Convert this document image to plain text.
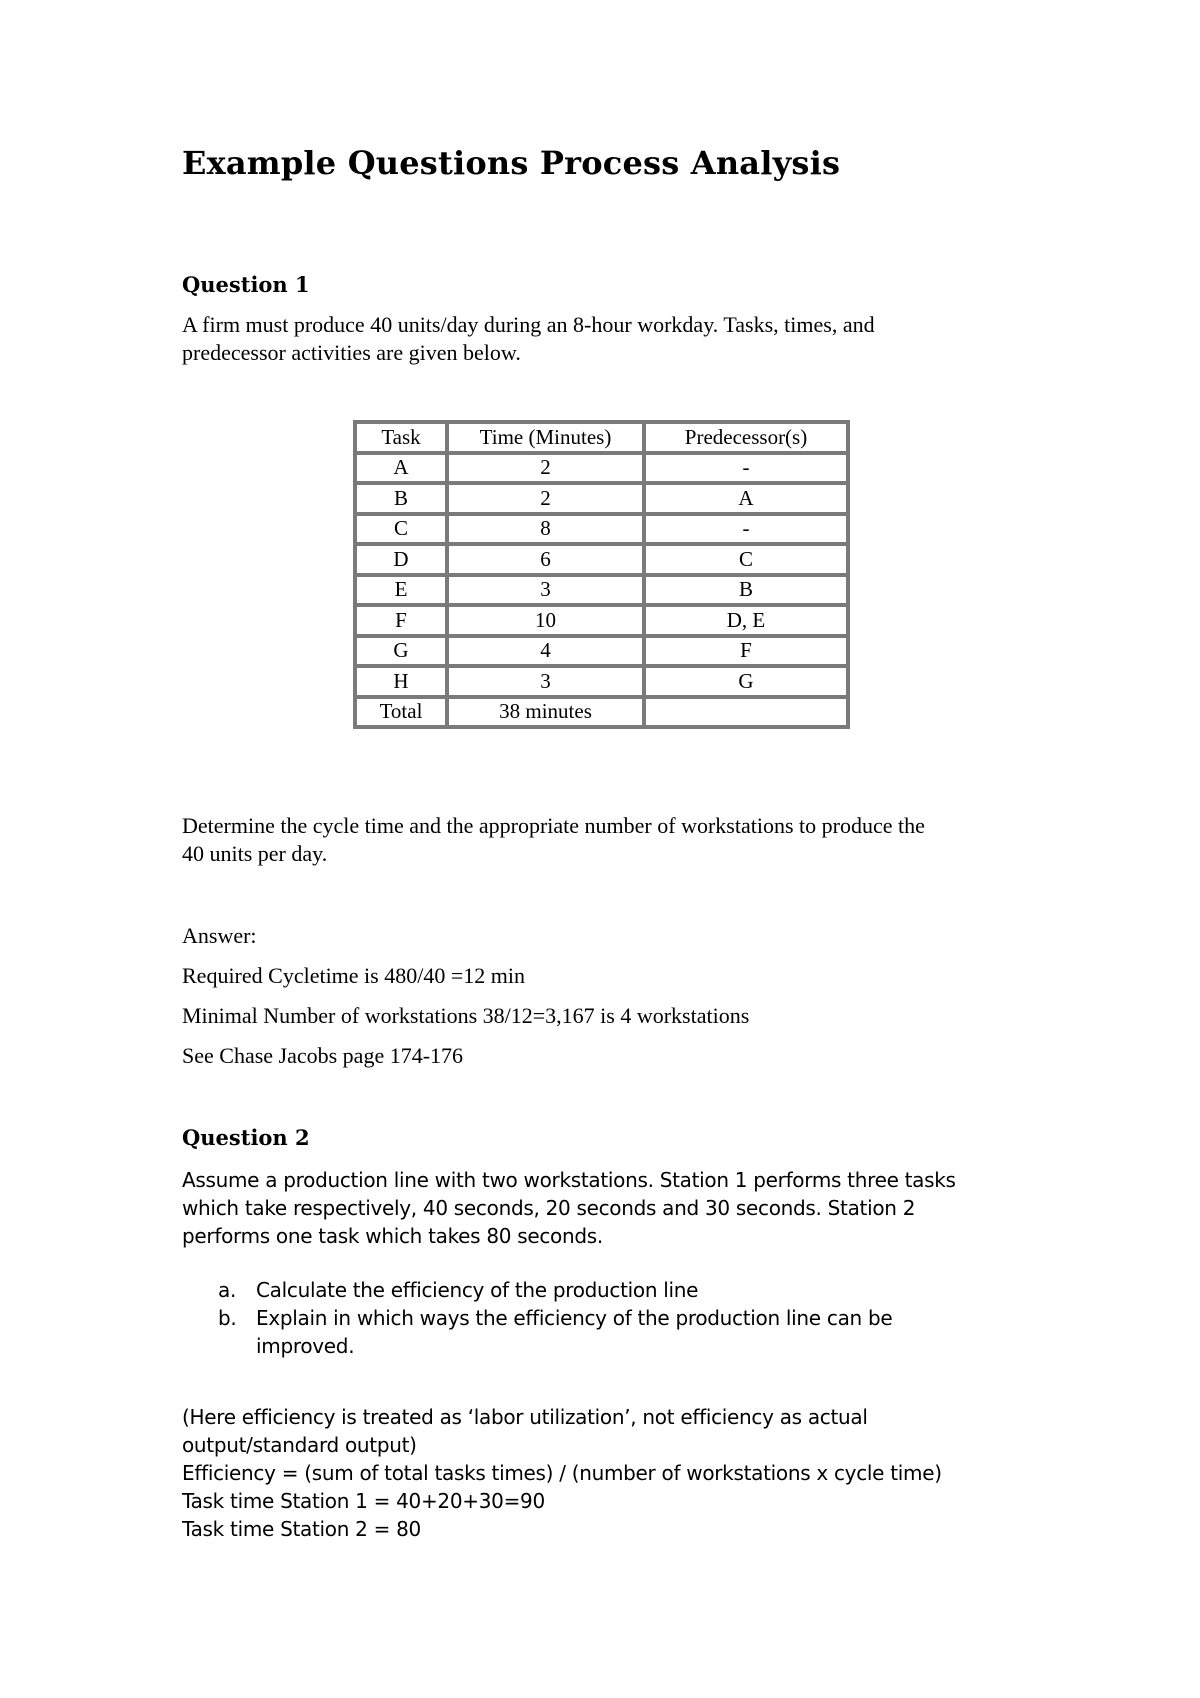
Example Questions Process Analysis
Question 1

A firm must produce 40 units/day during an 8-hour workday. Tasks, times, and
predecessor activities are given below.

Task	Time (Minutes)	Predecessor(s)
A	2	-
B	2	A
C	8	-
D	6	C
E	3	B
F	10	D, E
G	4	F
H	3	G
Total	38 minutes	

Determine the cycle time and the appropriate number of workstations to produce the
40 units per day.

Answer:

Required Cycletime is 480/40 =12 min

Minimal Number of workstations 38/12=3,167 is 4 workstations

See Chase Jacobs page 174-176

Question 2

Assume a production line with two workstations. Station 1 performs three tasks
which take respectively, 40 seconds, 20 seconds and 30 seconds. Station 2
performs one task which takes 80 seconds.

a. Calculate the efficiency of the production line
b. Explain in which ways the efficiency of the production line can be
improved.

(Here efficiency is treated as ‘labor utilization’, not efficiency as actual
output/standard output)
Efficiency = (sum of total tasks times) / (number of workstations x cycle time)
Task time Station 1 = 40+20+30=90
Task time Station 2 = 80
